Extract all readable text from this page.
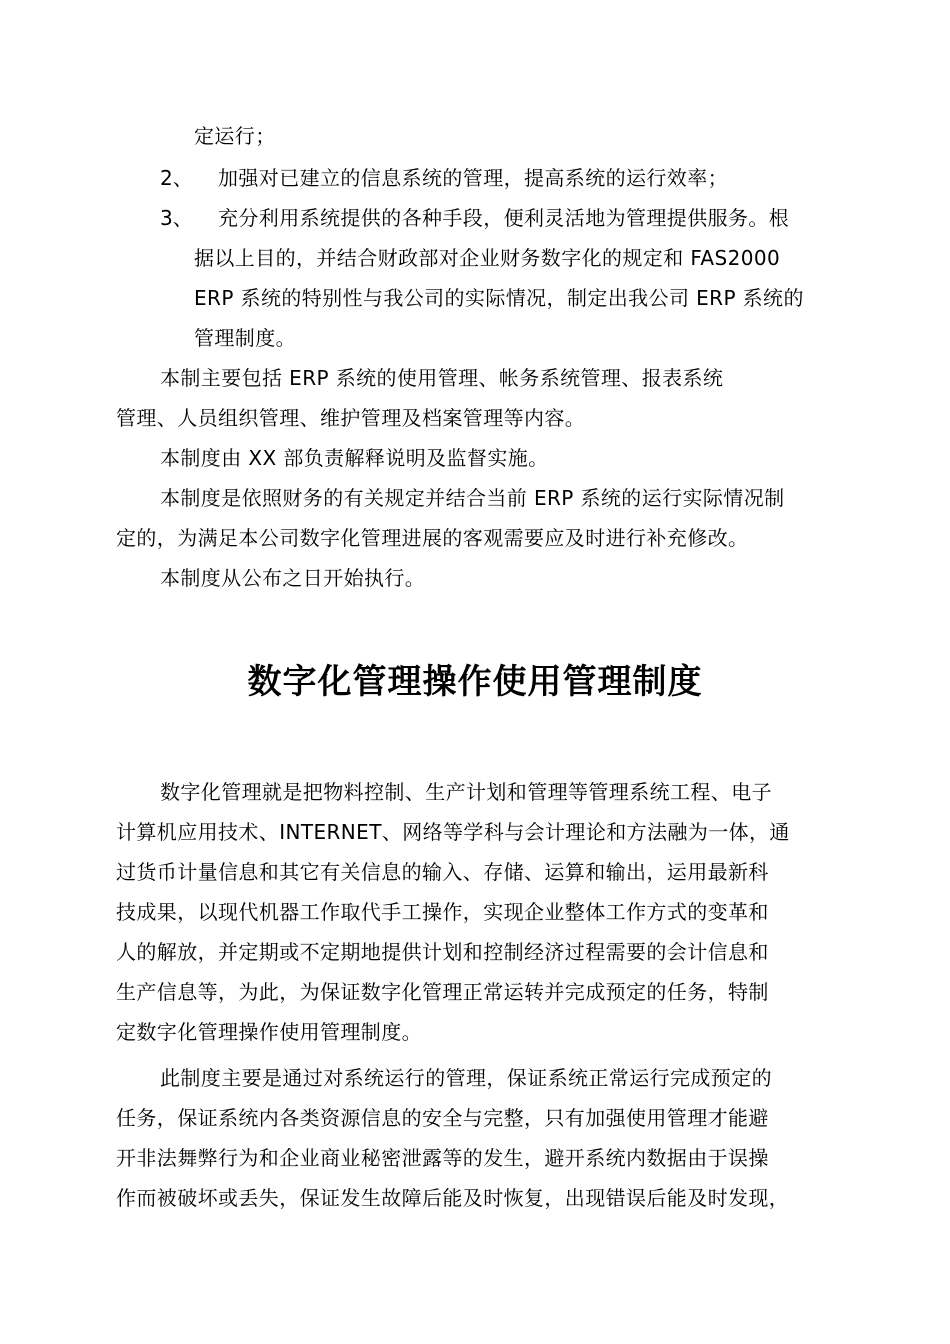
定运行；
2、 加强对已建立的信息系统的管理，提高系统的运行效率；
3、 充分利用系统提供的各种手段，便利灵活地为管理提供服务。根
据以上目的，并结合财政部对企业财务数字化的规定和 FAS2000
ERP 系统的特别性与我公司的实际情况，制定出我公司 ERP 系统的
管理制度。
本制主要包括 ERP 系统的使用管理、帐务系统管理、报表系统
管理、人员组织管理、维护管理及档案管理等内容。
本制度由 XX 部负责解释说明及监督实施。
本制度是依照财务的有关规定并结合当前 ERP 系统的运行实际情况制
定的，为满足本公司数字化管理进展的客观需要应及时进行补充修改。
本制度从公布之日开始执行。
数字化管理操作使用管理制度
数字化管理就是把物料控制、生产计划和管理等管理系统工程、电子
计算机应用技术、INTERNET、网络等学科与会计理论和方法融为一体，通
过货币计量信息和其它有关信息的输入、存储、运算和输出，运用最新科
技成果，以现代机器工作取代手工操作，实现企业整体工作方式的变革和
人的解放，并定期或不定期地提供计划和控制经济过程需要的会计信息和
生产信息等，为此，为保证数字化管理正常运转并完成预定的任务，特制
定数字化管理操作使用管理制度。
此制度主要是通过对系统运行的管理，保证系统正常运行完成预定的
任务，保证系统内各类资源信息的安全与完整，只有加强使用管理才能避
开非法舞弊行为和企业商业秘密泄露等的发生，避开系统内数据由于误操
作而被破坏或丢失，保证发生故障后能及时恢复，出现错误后能及时发现，
